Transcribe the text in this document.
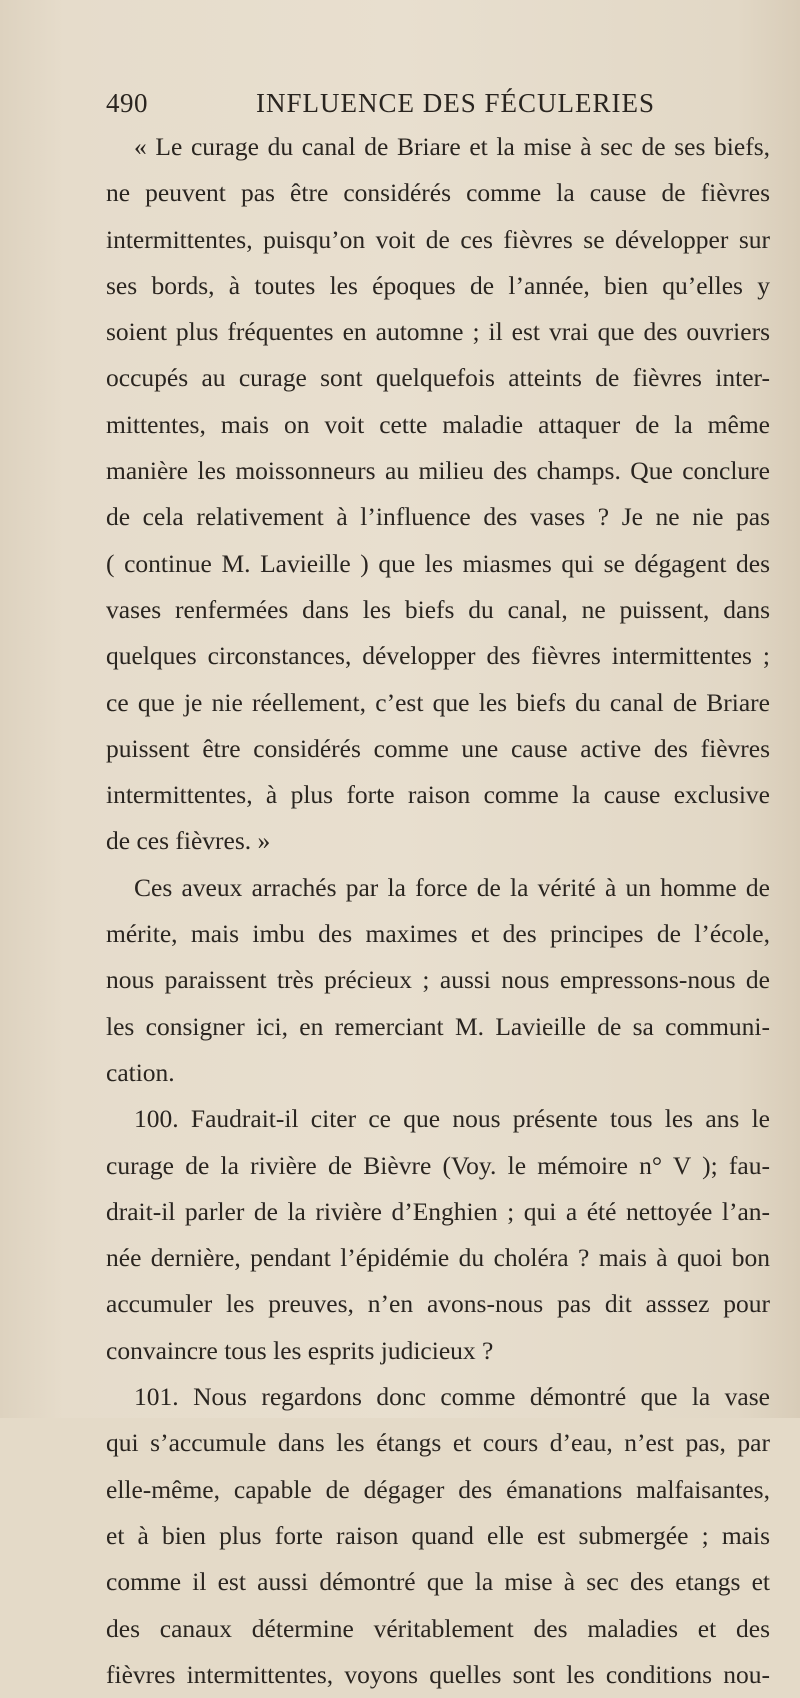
490	INFLUENCE DES FÉCULERIES
« Le curage du canal de Briare et la mise à sec de ses biefs,
ne peuvent pas être considérés comme la cause de fièvres
intermittentes, puisqu’on voit de ces fièvres se développer sur
ses bords, à toutes les époques de l’année, bien qu’elles y
soient plus fréquentes en automne ; il est vrai que des ouvriers
occupés au curage sont quelquefois atteints de fièvres inter-
mittentes, mais on voit cette maladie attaquer de la même
manière les moissonneurs au milieu des champs. Que conclure
de cela relativement à l’influence des vases ? Je ne nie pas
( continue M. Lavieille ) que les miasmes qui se dégagent des
vases renfermées dans les biefs du canal, ne puissent, dans
quelques circonstances, développer des fièvres intermittentes ;
ce que je nie réellement, c’est que les biefs du canal de Briare
puissent être considérés comme une cause active des fièvres
intermittentes, à plus forte raison comme la cause exclusive
de ces fièvres. »
Ces aveux arrachés par la force de la vérité à un homme de
mérite, mais imbu des maximes et des principes de l’école,
nous paraissent très précieux ; aussi nous empressons-nous de
les consigner ici, en remerciant M. Lavieille de sa communi-
cation.
100. Faudrait-il citer ce que nous présente tous les ans le
curage de la rivière de Bièvre (Voy. le mémoire n° V ); fau-
drait-il parler de la rivière d’Enghien ; qui a été nettoyée l’an-
née dernière, pendant l’épidémie du choléra ? mais à quoi bon
accumuler les preuves, n’en avons-nous pas dit asssez pour
convaincre tous les esprits judicieux ?
101. Nous regardons donc comme démontré que la vase
qui s’accumule dans les étangs et cours d’eau, n’est pas, par
elle-même, capable de dégager des émanations malfaisantes,
et à bien plus forte raison quand elle est submergée ; mais
comme il est aussi démontré que la mise à sec des etangs et
des canaux détermine véritablement des maladies et des
fièvres intermittentes, voyons quelles sont les conditions nou-
